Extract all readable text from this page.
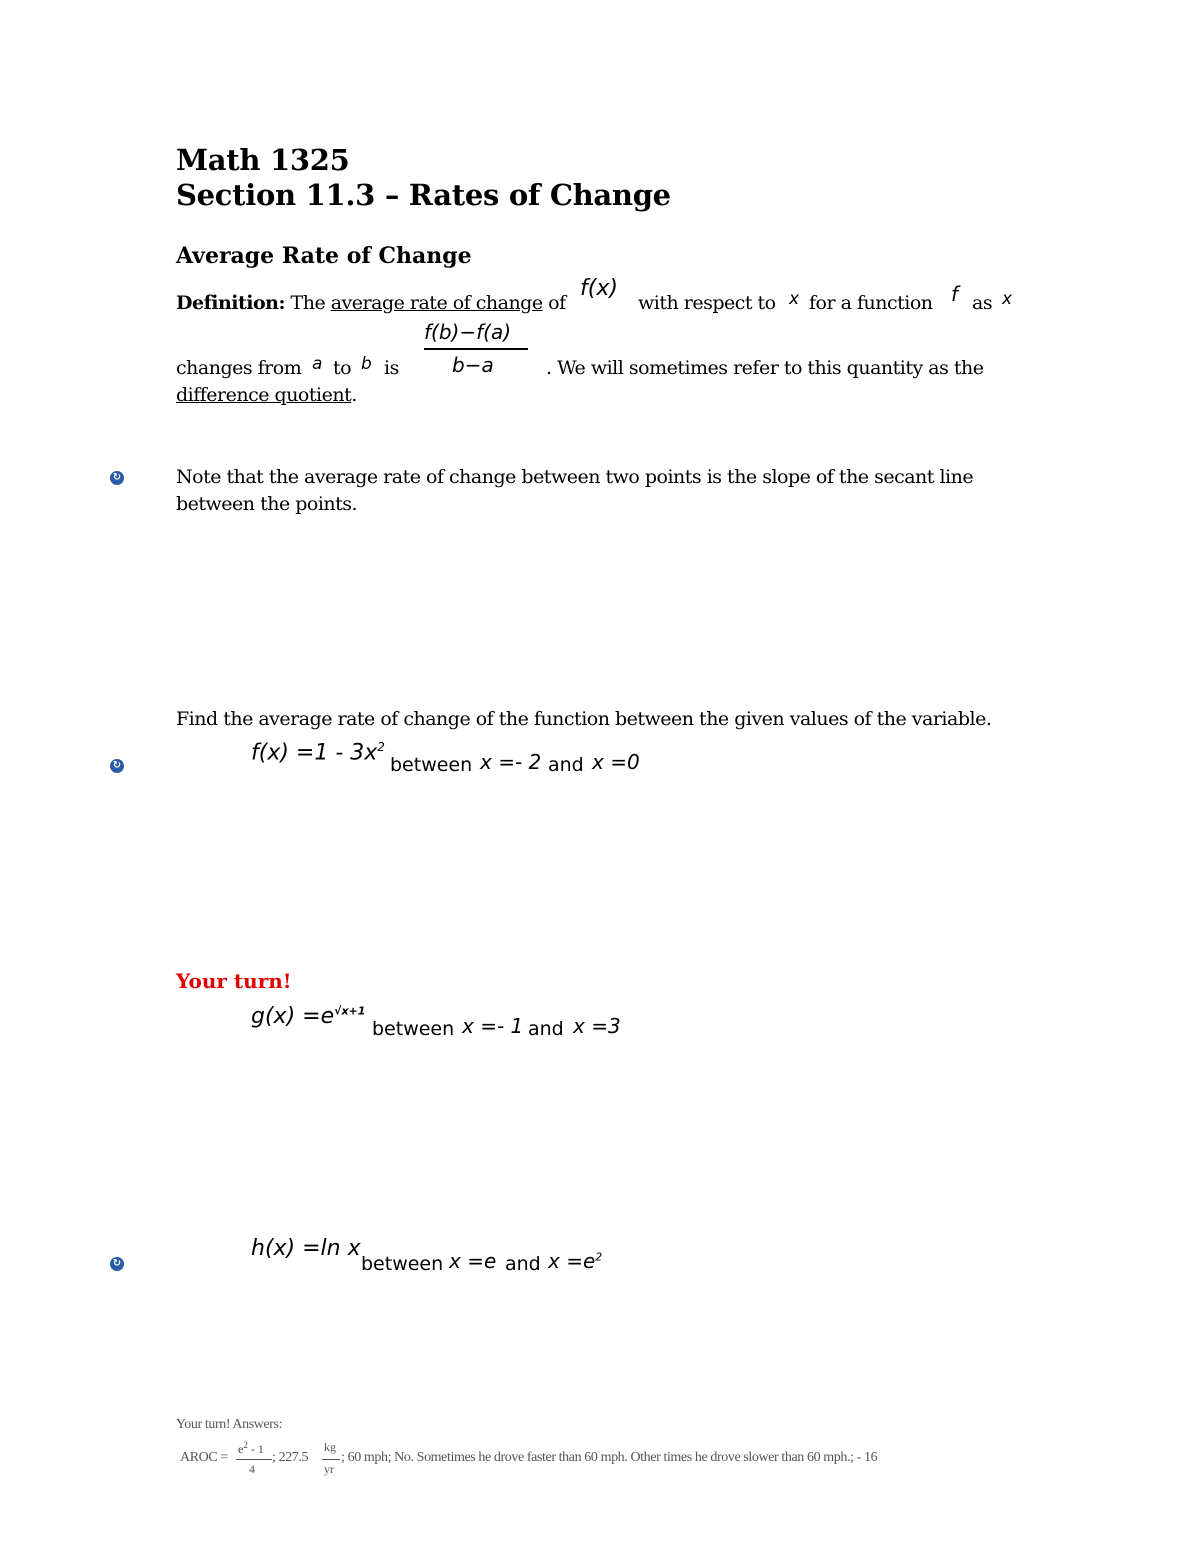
Math 1325
Section 11.3 – Rates of Change
Average Rate of Change
Definition: The average rate of change of
f(x)
with respect to x for a function f as x
f(b)−f(a)
b−a
changes from a to b is	. We will sometimes refer to this quantity as the
difference quotient.
↻	Note that the average rate of change between two points is the slope of the secant line
between the points.
Find the average rate of change of the function between the given values of the variable.
↻
$f(x) =1 - 3x^2$
between x =- 2 and x =0
Your turn!
$g(x) =e^{√x+1}$
between x =- 1 and x =3
↻
h(x) =ln x
between x =e and $x =e^2$
Your turn! Answers:
AROC =
$e^2 - 1$
4
; 227.5
kg
yr
; 60 mph; No. Sometimes he drove faster than 60 mph. Other times he drove slower than 60 mph.; - 16
